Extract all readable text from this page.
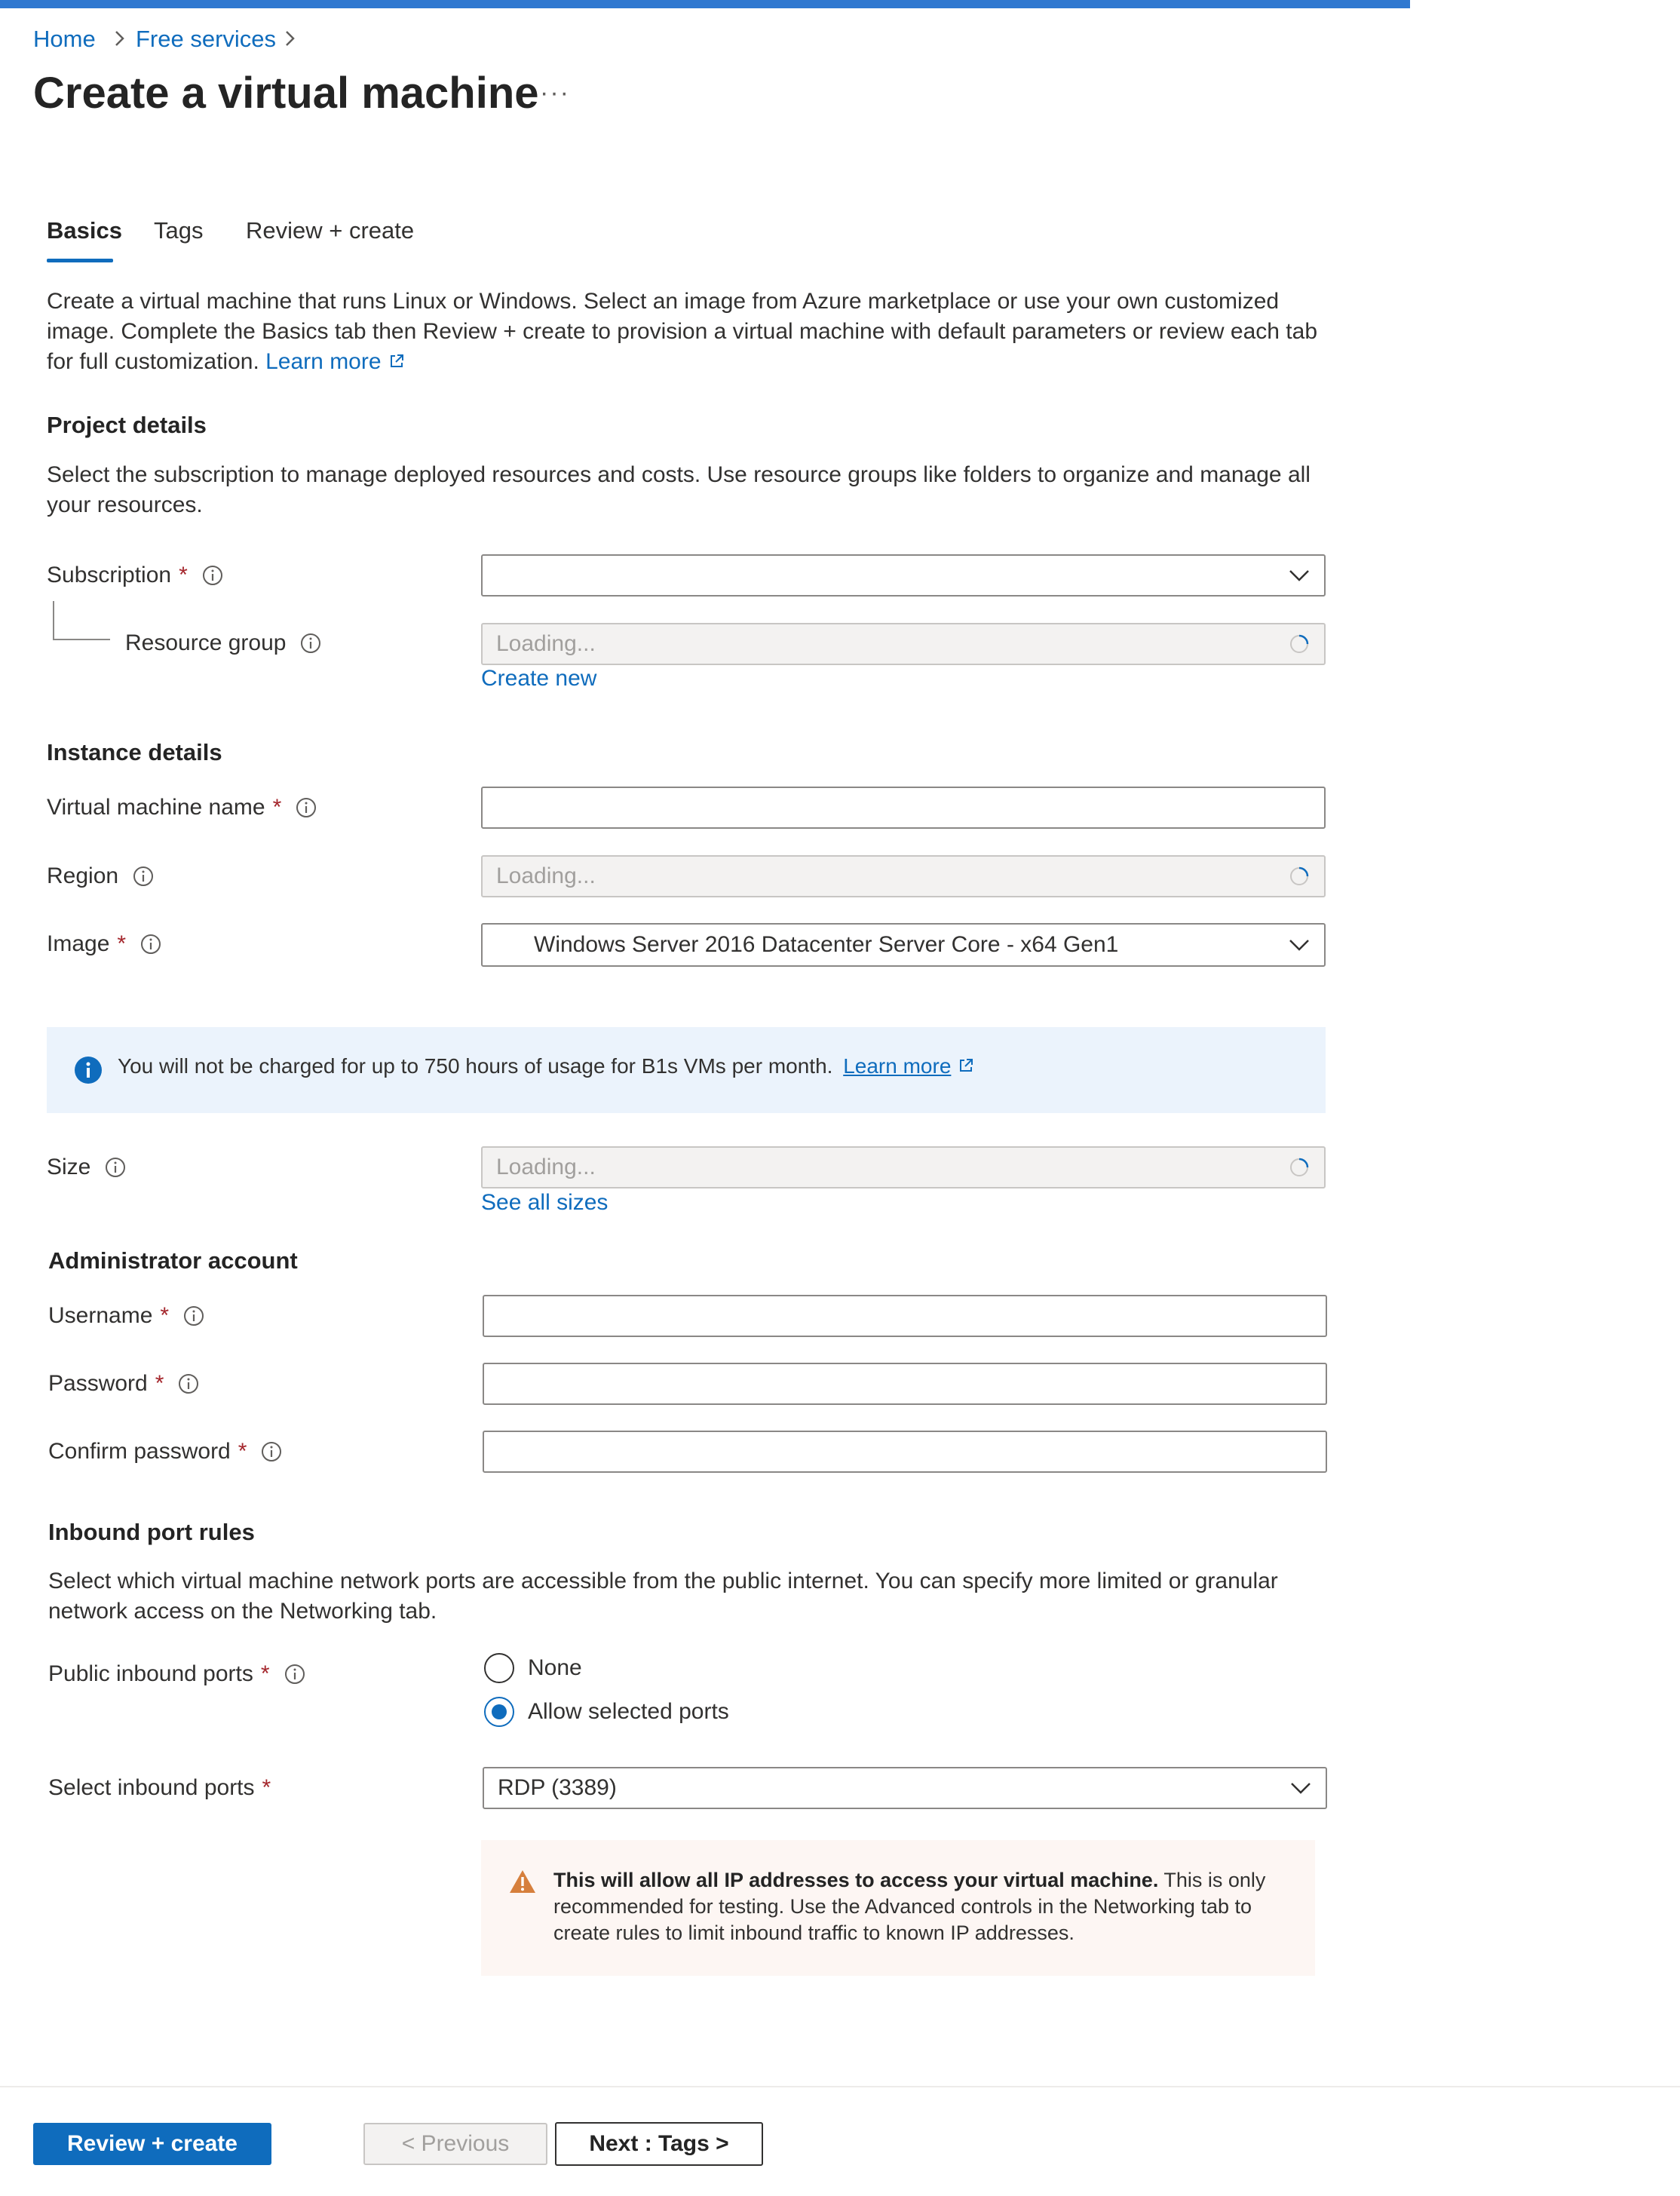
Home Free services
Create a virtual machine ···
Basics Tags Review + create
Create a virtual machine that runs Linux or Windows. Select an image from Azure marketplace or use your own customized image. Complete the Basics tab then Review + create to provision a virtual machine with default parameters or review each tab for full customization. Learn more
Project details
Select the subscription to manage deployed resources and costs. Use resource groups like folders to organize and manage all your resources.
Subscription *
Resource group	Loading...
Create new
Instance details
Virtual machine name *
Region	Loading...
Image *	Windows Server 2016 Datacenter Server Core - x64 Gen1
You will not be charged for up to 750 hours of usage for B1s VMs per month. Learn more
Size	Loading...
See all sizes
Administrator account
Username *
Password *
Confirm password *
Inbound port rules
Select which virtual machine network ports are accessible from the public internet. You can specify more limited or granular network access on the Networking tab.
Public inbound ports *	None
Allow selected ports
Select inbound ports *	RDP (3389)
This will allow all IP addresses to access your virtual machine. This is only recommended for testing. Use the Advanced controls in the Networking tab to create rules to limit inbound traffic to known IP addresses.
Review + create	< Previous	Next : Tags >
